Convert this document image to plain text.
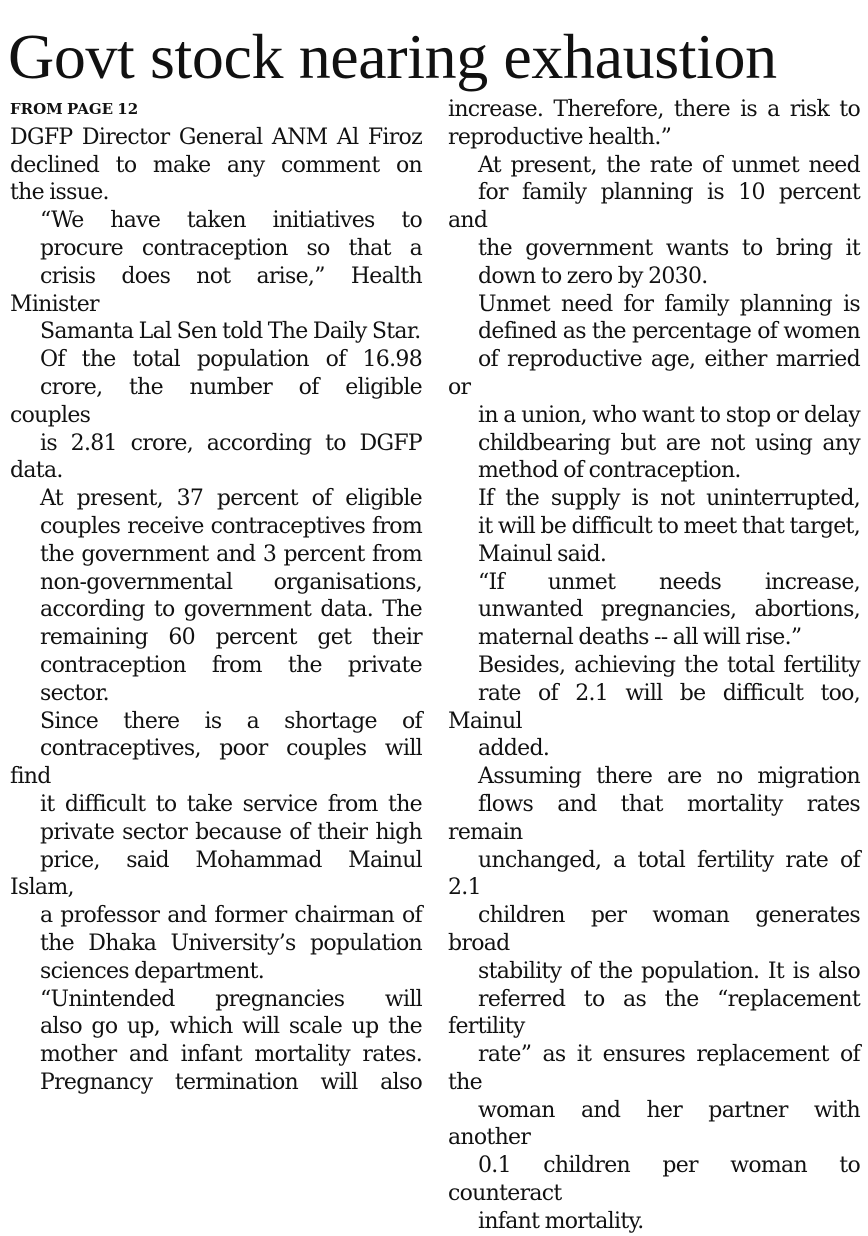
Govt stock nearing exhaustion
FROM PAGE 12

DGFP Director General ANM Al Firoz
declined to make any comment on
the issue.

“We have taken initiatives to
procure contraception so that a
crisis does not arise,” Health Minister
Samanta Lal Sen told The Daily Star.

Of the total population of 16.98
crore, the number of eligible couples
is 2.81 crore, according to DGFP data.

At present, 37 percent of eligible
couples receive contraceptives from
the government and 3 percent from
non-governmental organisations,
according to government data. The
remaining 60 percent get their
contraception from the private
sector.

Since there is a shortage of
contraceptives, poor couples will find
it difficult to take service from the
private sector because of their high
price, said Mohammad Mainul Islam,
a professor and former chairman of
the Dhaka University’s population
sciences department.

“Unintended pregnancies will
also go up, which will scale up the
mother and infant mortality rates.
Pregnancy termination will also

increase. Therefore, there is a risk to
reproductive health.”

At present, the rate of unmet need
for family planning is 10 percent and
the government wants to bring it
down to zero by 2030.

Unmet need for family planning is
defined as the percentage of women
of reproductive age, either married or
in a union, who want to stop or delay
childbearing but are not using any
method of contraception.

If the supply is not uninterrupted,
it will be difficult to meet that target,
Mainul said.

“If unmet needs increase,
unwanted pregnancies, abortions,
maternal deaths -- all will rise.”

Besides, achieving the total fertility
rate of 2.1 will be difficult too, Mainul
added.

Assuming there are no migration
flows and that mortality rates remain
unchanged, a total fertility rate of 2.1
children per woman generates broad
stability of the population. It is also
referred to as the “replacement fertility
rate” as it ensures replacement of the
woman and her partner with another
0.1 children per woman to counteract
infant mortality.
